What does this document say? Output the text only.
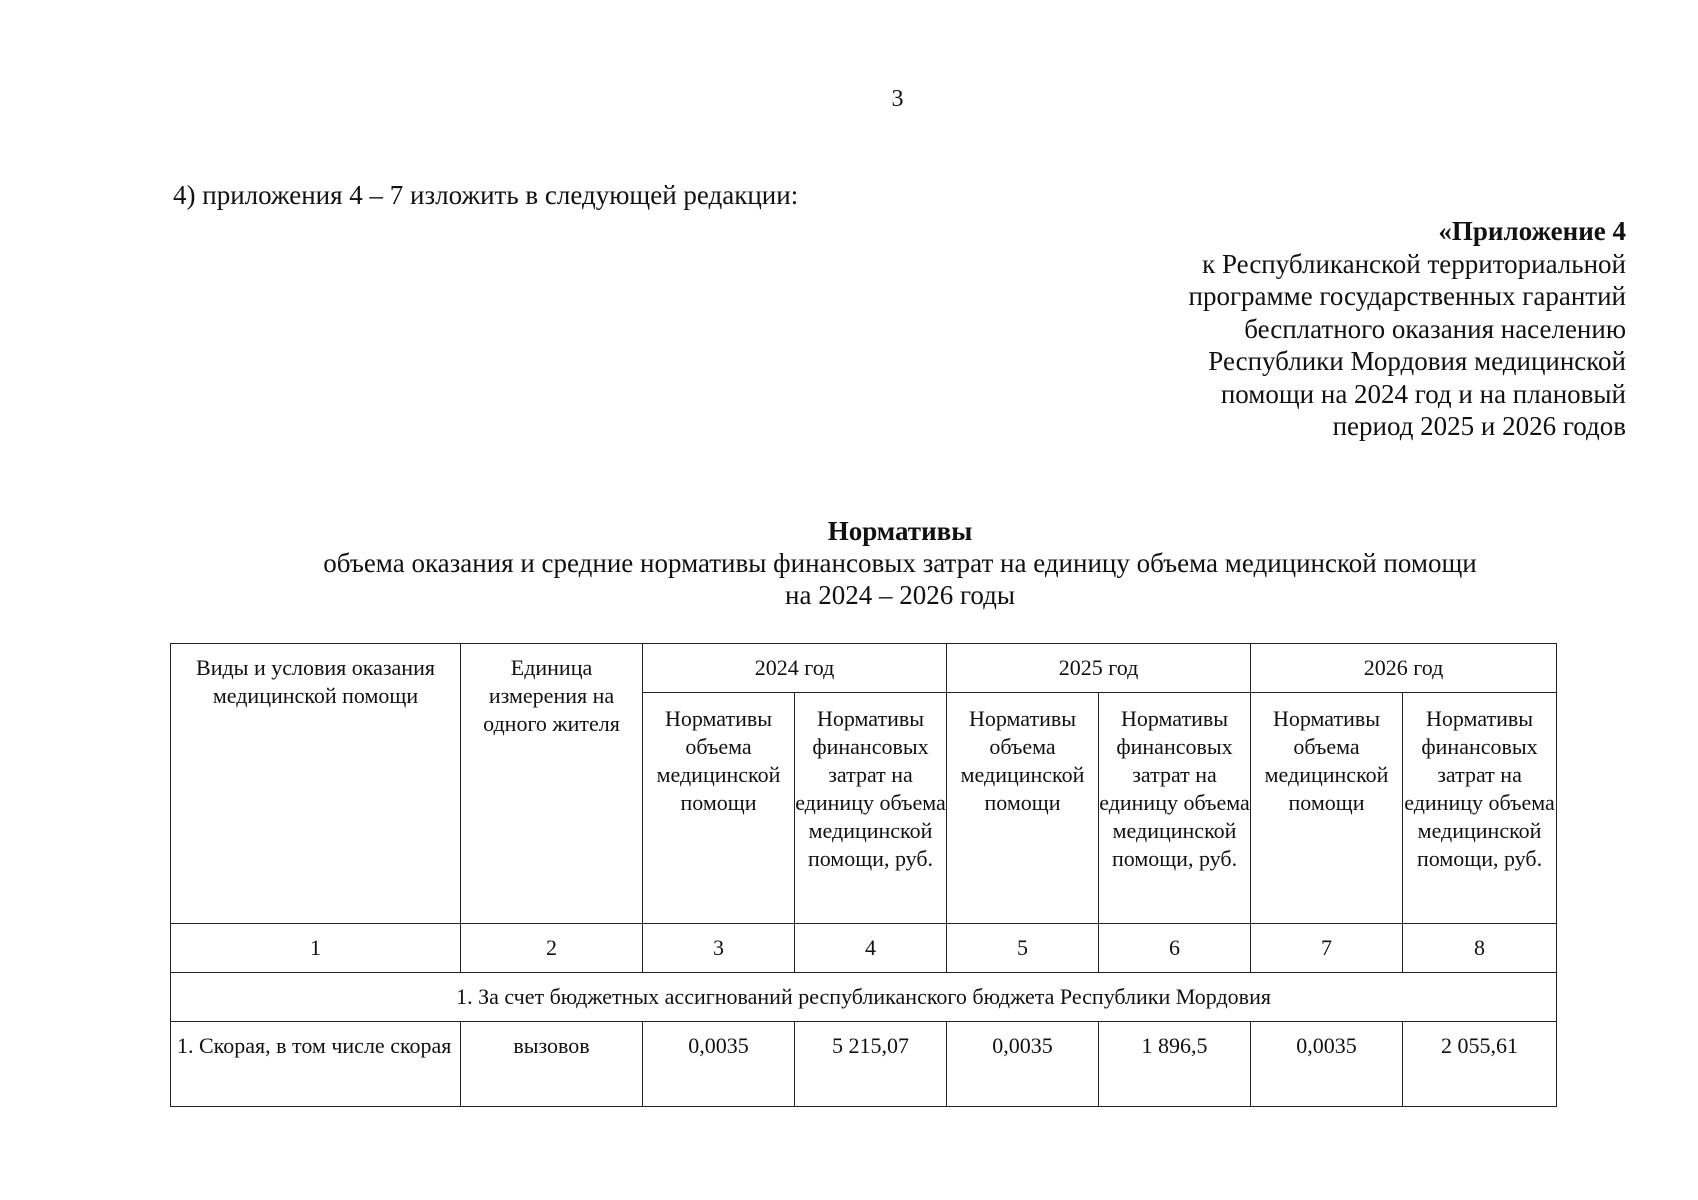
3
4) приложения 4 – 7 изложить в следующей редакции:
«Приложение 4
к Республиканской территориальной
программе государственных гарантий
бесплатного оказания населению
Республики Мордовия медицинской
помощи на 2024 год и на плановый
период 2025 и 2026 годов
Нормативы
объема оказания и средние нормативы финансовых затрат на единицу объема медицинской помощи
на 2024 – 2026 годы
Виды и условия оказания медицинской помощи	Единица измерения на одного жителя	2024 год		2025 год		2026 год	
		Нормативы объема медицинской помощи	Нормативы финансовых затрат на единицу объема медицинской помощи, руб.	Нормативы объема медицинской помощи	Нормативы финансовых затрат на единицу объема медицинской помощи, руб.	Нормативы объема медицинской помощи	Нормативы финансовых затрат на единицу объема медицинской помощи, руб.
1	2	3	4	5	6	7	8
1. За счет бюджетных ассигнований республиканского бюджета Республики Мордовия							
1. Скорая, в том числе скорая	вызовов	0,0035	5 215,07	0,0035	1 896,5	0,0035	2 055,61
